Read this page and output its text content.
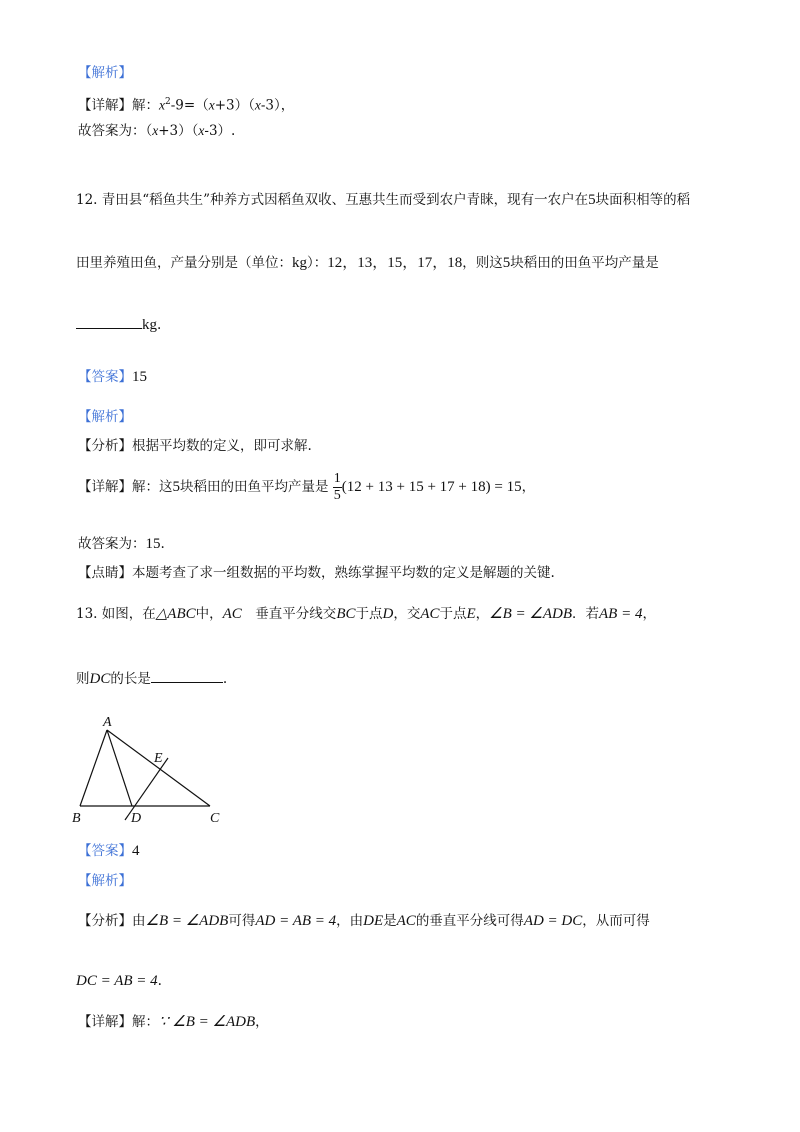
【解析】
【详解】解：$x^2-9=(x+3)(x-3)$，
故答案为：（x+3）（x-3）.
12. 青田县“稻鱼共生”种养方式因稻鱼双收、互惠共生而受到农户青睐，现有一农户在5块面积相等的稻
田里养殖田鱼，产量分别是（单位：kg）：12，13，15，17，18，则这5块稻田的田鱼平均产量是
kg.
【答案】15
【解析】
【分析】根据平均数的定义，即可求解.
【详解】解：这5块稻田的田鱼平均产量是 $\frac{1}{5} (12 + 13 + 15 + 17 + 18) = 15$，
故答案为：15.
【点睛】本题考查了求一组数据的平均数，熟练掌握平均数的定义是解题的关键.
13. 如图，在△ABC中，AC　垂直平分线交BC于点D，交AC于点E，∠B = ∠ADB．若AB = 4，
则DC的长是	.
A
B	C
D
E
【答案】4
【解析】
【分析】由∠B = ∠ADB可得AD = AB = 4，由DE是AC的垂直平分线可得AD = DC，从而可得
DC = AB = 4.
【详解】解：∵ ∠B = ∠ADB，
